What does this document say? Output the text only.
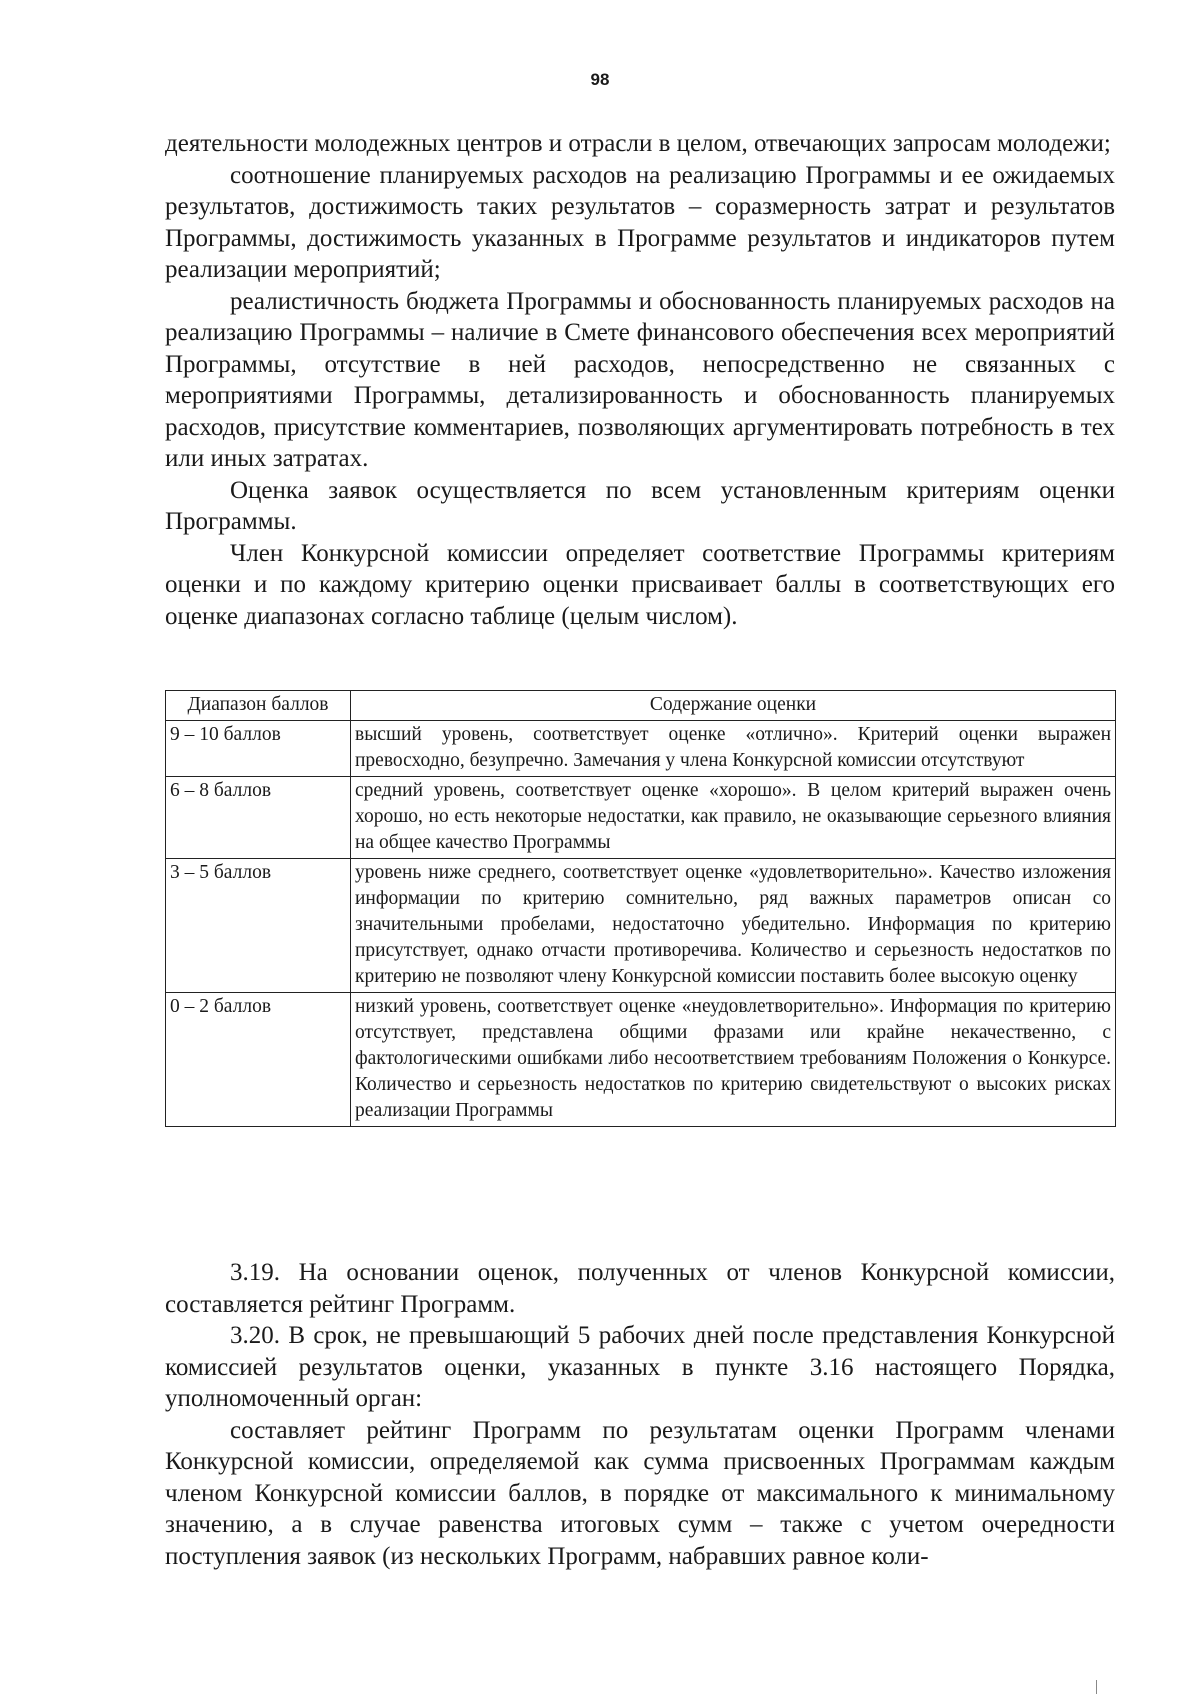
98

деятельности молодежных центров и отрасли в целом, отвечающих запросам молодежи;

соотношение планируемых расходов на реализацию Программы и ее ожидаемых результатов, достижимость таких результатов – соразмерность затрат и результатов Программы, достижимость указанных в Программе результатов и индикаторов путем реализации мероприятий;

реалистичность бюджета Программы и обоснованность планируемых расходов на реализацию Программы – наличие в Смете финансового обеспечения всех мероприятий Программы, отсутствие в ней расходов, непосредственно не связанных с мероприятиями Программы, детализированность и обоснованность планируемых расходов, присутствие комментариев, позволяющих аргументировать потребность в тех или иных затратах.

Оценка заявок осуществляется по всем установленным критериям оценки Программы.

Член Конкурсной комиссии определяет соответствие Программы критериям оценки и по каждому критерию оценки присваивает баллы в соответствующих его оценке диапазонах согласно таблице (целым числом).

Диапазон баллов	Содержание оценки
9 – 10 баллов	высший уровень, соответствует оценке «отлично». Критерий оценки выражен превосходно, безупречно. Замечания у члена Конкурсной комиссии отсутствуют
6 – 8 баллов	средний уровень, соответствует оценке «хорошо». В целом критерий выражен очень хорошо, но есть некоторые недостатки, как правило, не оказывающие серьезного влияния на общее качество Программы
3 – 5 баллов	уровень ниже среднего, соответствует оценке «удовлетворительно». Качество изложения информации по критерию сомнительно, ряд важных параметров описан со значительными пробелами, недостаточно убедительно. Информация по критерию присутствует, однако отчасти противоречива. Количество и серьезность недостатков по критерию не позволяют члену Конкурсной комиссии поставить более высокую оценку
0 – 2 баллов	низкий уровень, соответствует оценке «неудовлетворительно». Информация по критерию отсутствует, представлена общими фразами или крайне некачественно, с фактологическими ошибками либо несоответствием требованиям Положения о Конкурсе. Количество и серьезность недостатков по критерию свидетельствуют о высоких рисках реализации Программы

3.19. На основании оценок, полученных от членов Конкурсной комиссии, составляется рейтинг Программ.

3.20. В срок, не превышающий 5 рабочих дней после представления Конкурсной комиссией результатов оценки, указанных в пункте 3.16 настоящего Порядка, уполномоченный орган:

составляет рейтинг Программ по результатам оценки Программ членами Конкурсной комиссии, определяемой как сумма присвоенных Программам каждым членом Конкурсной комиссии баллов, в порядке от максимального к минимальному значению, а в случае равенства итоговых сумм – также с учетом очередности поступления заявок (из нескольких Программ, набравших равное коли-
